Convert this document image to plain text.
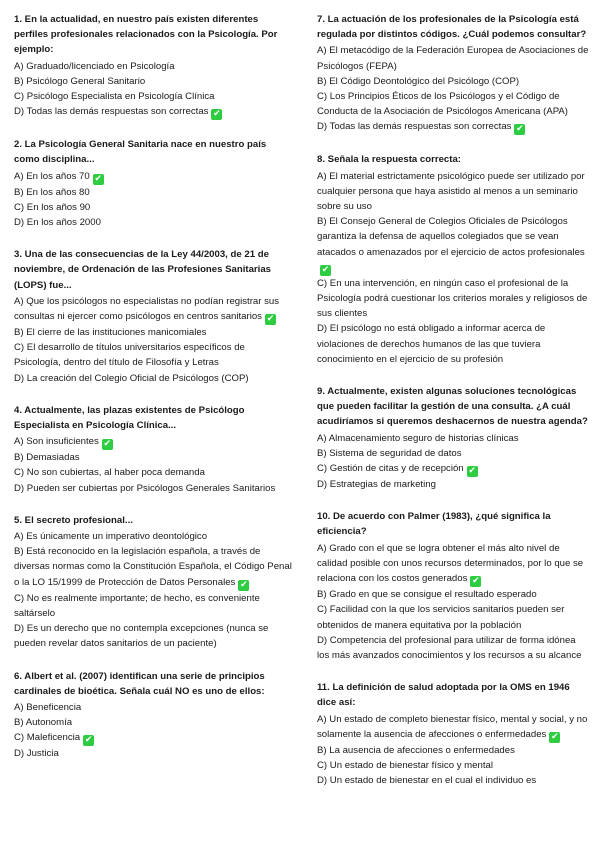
1. En la actualidad, en nuestro país existen diferentes perfiles profesionales relacionados con la Psicología. Por ejemplo:
A) Graduado/licenciado en Psicología
B) Psicólogo General Sanitario
C) Psicólogo Especialista en Psicología Clínica
D) Todas las demás respuestas son correctas ✔
2. La Psicología General Sanitaria nace en nuestro país como disciplina...
A) En los años 70 ✔
B) En los años 80
C) En los años 90
D) En los años 2000
3. Una de las consecuencias de la Ley 44/2003, de 21 de noviembre, de Ordenación de las Profesiones Sanitarias (LOPS) fue...
A) Que los psicólogos no especialistas no podían registrar sus consultas ni ejercer como psicólogos en centros sanitarios ✔
B) El cierre de las instituciones manicomiales
C) El desarrollo de títulos universitarios específicos de Psicología, dentro del título de Filosofía y Letras
D) La creación del Colegio Oficial de Psicólogos (COP)
4. Actualmente, las plazas existentes de Psicólogo Especialista en Psicología Clínica...
A) Son insuficientes ✔
B) Demasiadas
C) No son cubiertas, al haber poca demanda
D) Pueden ser cubiertas por Psicólogos Generales Sanitarios
5. El secreto profesional...
A) Es únicamente un imperativo deontológico
B) Está reconocido en la legislación española, a través de diversas normas como la Constitución Española, el Código Penal o la LO 15/1999 de Protección de Datos Personales ✔
C) No es realmente importante; de hecho, es conveniente saltárselo
D) Es un derecho que no contempla excepciones (nunca se pueden revelar datos sanitarios de un paciente)
6. Albert et al. (2007) identifican una serie de principios cardinales de bioética. Señala cuál NO es uno de ellos:
A) Beneficencia
B) Autonomía
C) Maleficencia ✔
D) Justicia
7. La actuación de los profesionales de la Psicología está regulada por distintos códigos. ¿Cuál podemos consultar?
A) El metacódigo de la Federación Europea de Asociaciones de Psicólogos (FEPA)
B) El Código Deontológico del Psicólogo (COP)
C) Los Principios Éticos de los Psicólogos y el Código de Conducta de la Asociación de Psicólogos Americana (APA)
D) Todas las demás respuestas son correctas ✔
8. Señala la respuesta correcta:
A) El material estrictamente psicológico puede ser utilizado por cualquier persona que haya asistido al menos a un seminario sobre su uso
B) El Consejo General de Colegios Oficiales de Psicólogos garantiza la defensa de aquellos colegiados que se vean atacados o amenazados por el ejercicio de actos profesionales✔
C) En una intervención, en ningún caso el profesional de la Psicología podrá cuestionar los criterios morales y religiosos de sus clientes
D) El psicólogo no está obligado a informar acerca de violaciones de derechos humanos de las que tuviera conocimiento en el ejercicio de su profesión
9. Actualmente, existen algunas soluciones tecnológicas que pueden facilitar la gestión de una consulta. ¿A cuál acudiríamos si queremos deshacernos de nuestra agenda?
A) Almacenamiento seguro de historias clínicas
B) Sistema de seguridad de datos
C) Gestión de citas y de recepción ✔
D) Estrategias de marketing
10. De acuerdo con Palmer (1983), ¿qué significa la eficiencia?
A) Grado con el que se logra obtener el más alto nivel de calidad posible con unos recursos determinados, por lo que se relaciona con los costos generados ✔
B) Grado en que se consigue el resultado esperado
C) Facilidad con la que los servicios sanitarios pueden ser obtenidos de manera equitativa por la población
D) Competencia del profesional para utilizar de forma idónea los más avanzados conocimientos y los recursos a su alcance
11. La definición de salud adoptada por la OMS en 1946 dice así:
A) Un estado de completo bienestar físico, mental y social, y no solamente la ausencia de afecciones o enfermedades ✔
B) La ausencia de afecciones o enfermedades
C) Un estado de bienestar físico y mental
D) Un estado de bienestar en el cual el individuo es
